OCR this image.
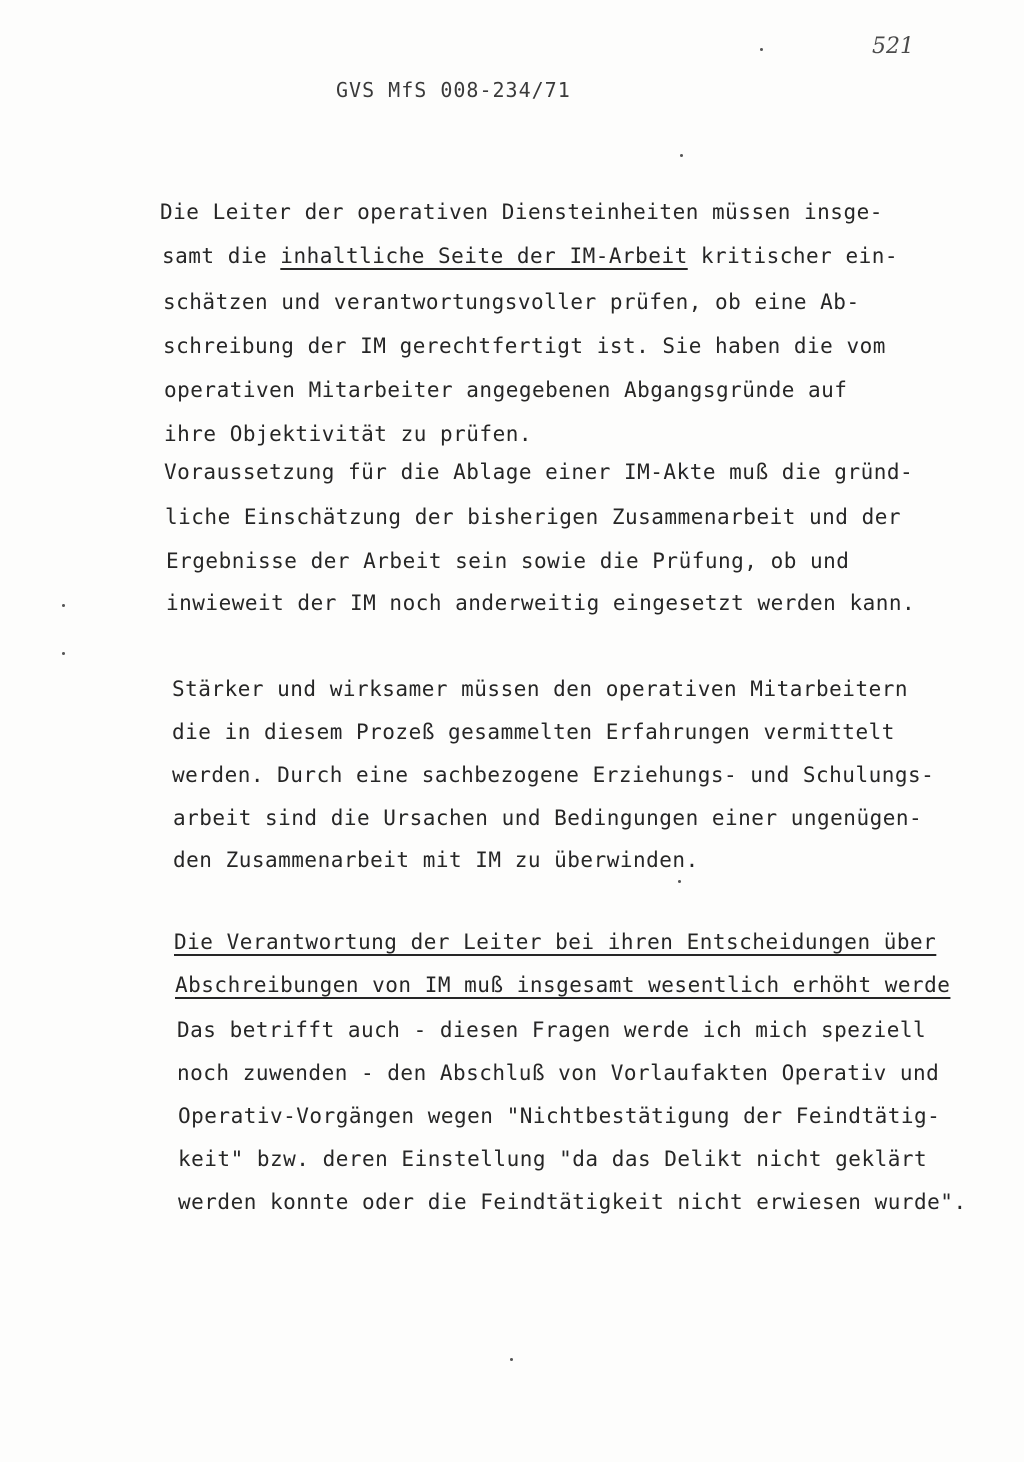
521
GVS MfS 008-234/71
Die Leiter der operativen Diensteinheiten müssen insge-
samt die inhaltliche Seite der IM-Arbeit kritischer ein-
schätzen und verantwortungsvoller prüfen, ob eine Ab-
schreibung der IM gerechtfertigt ist. Sie haben die vom
operativen Mitarbeiter angegebenen Abgangsgründe auf
ihre Objektivität zu prüfen.
Voraussetzung für die Ablage einer IM-Akte muß die gründ-
liche Einschätzung der bisherigen Zusammenarbeit und der
Ergebnisse der Arbeit sein sowie die Prüfung, ob und
inwieweit der IM noch anderweitig eingesetzt werden kann.
Stärker und wirksamer müssen den operativen Mitarbeitern
die in diesem Prozeß gesammelten Erfahrungen vermittelt
werden. Durch eine sachbezogene Erziehungs- und Schulungs-
arbeit sind die Ursachen und Bedingungen einer ungenügen-
den Zusammenarbeit mit IM zu überwinden.
Die Verantwortung der Leiter bei ihren Entscheidungen über
Abschreibungen von IM muß insgesamt wesentlich erhöht werde
Das betrifft auch - diesen Fragen werde ich mich speziell
noch zuwenden - den Abschluß von Vorlaufakten Operativ und
Operativ-Vorgängen wegen "Nichtbestätigung der Feindtätig-
keit" bzw. deren Einstellung "da das Delikt nicht geklärt
werden konnte oder die Feindtätigkeit nicht erwiesen wurde".
